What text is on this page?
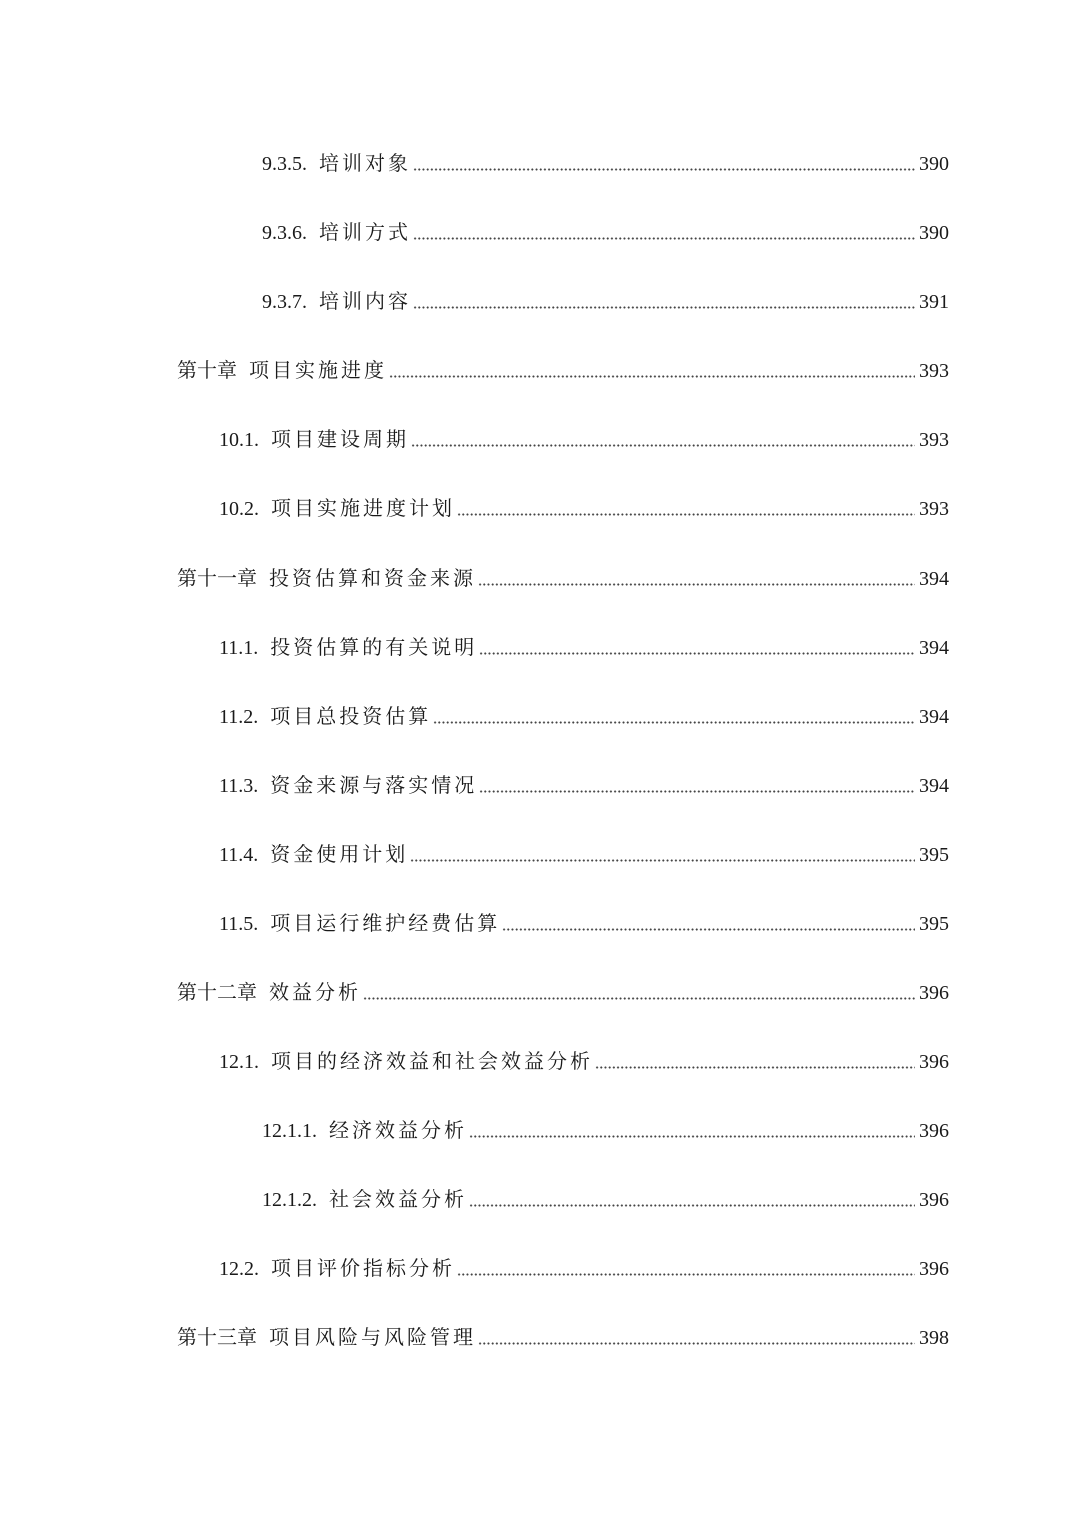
9.3.5. 培训对象	390
9.3.6. 培训方式	390
9.3.7. 培训内容	391
第十章 项目实施进度	393
10.1. 项目建设周期	393
10.2. 项目实施进度计划	393
第十一章 投资估算和资金来源	394
11.1. 投资估算的有关说明	394
11.2. 项目总投资估算	394
11.3. 资金来源与落实情况	394
11.4. 资金使用计划	395
11.5. 项目运行维护经费估算	395
第十二章 效益分析	396
12.1. 项目的经济效益和社会效益分析	396
12.1.1. 经济效益分析	396
12.1.2. 社会效益分析	396
12.2. 项目评价指标分析	396
第十三章 项目风险与风险管理	398
